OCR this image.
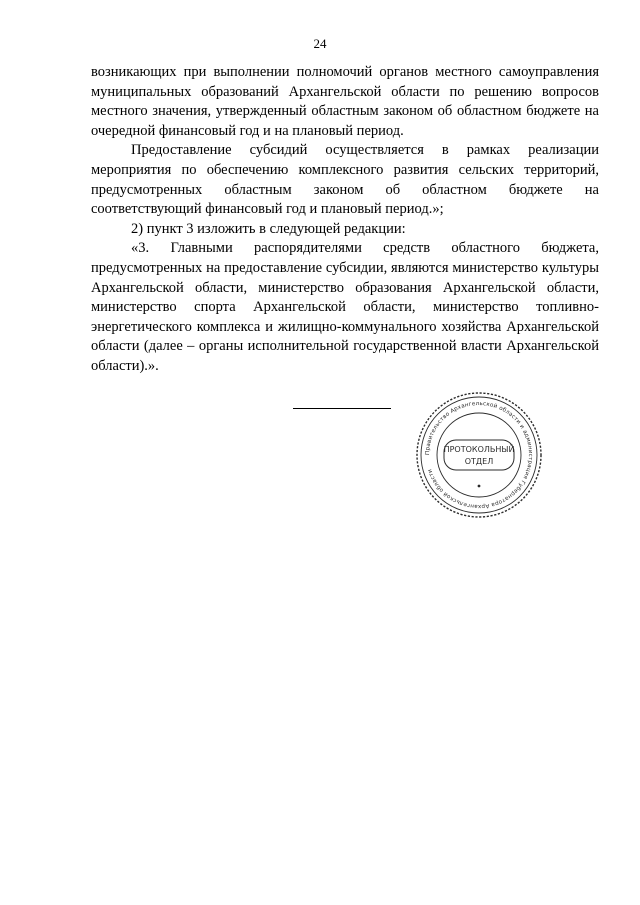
24

возникающих при выполнении полномочий органов местного самоуправления муниципальных образований Архангельской области по решению вопросов местного значения, утвержденный областным законом об областном бюджете на очередной финансовый год и на плановый период.

Предоставление субсидий осуществляется в рамках реализации мероприятия по обеспечению комплексного развития сельских территорий, предусмотренных областным законом об областном бюджете на соответствующий финансовый год и плановый период.»;

2) пункт 3 изложить в следующей редакции:

«3. Главными распорядителями средств областного бюджета, предусмотренных на предоставление субсидии, являются министерство культуры Архангельской области, министерство образования Архангельской области, министерство спорта Архангельской области, министерство топливно-энергетического комплекса и жилищно-коммунального хозяйства Архангельской области (далее – органы исполнительной государственной власти Архангельской области).».

Правительство Архангельской области и администрация Губернатора Архангельской области
ПРОТОКОЛЬНЫЙ
ОТДЕЛ
